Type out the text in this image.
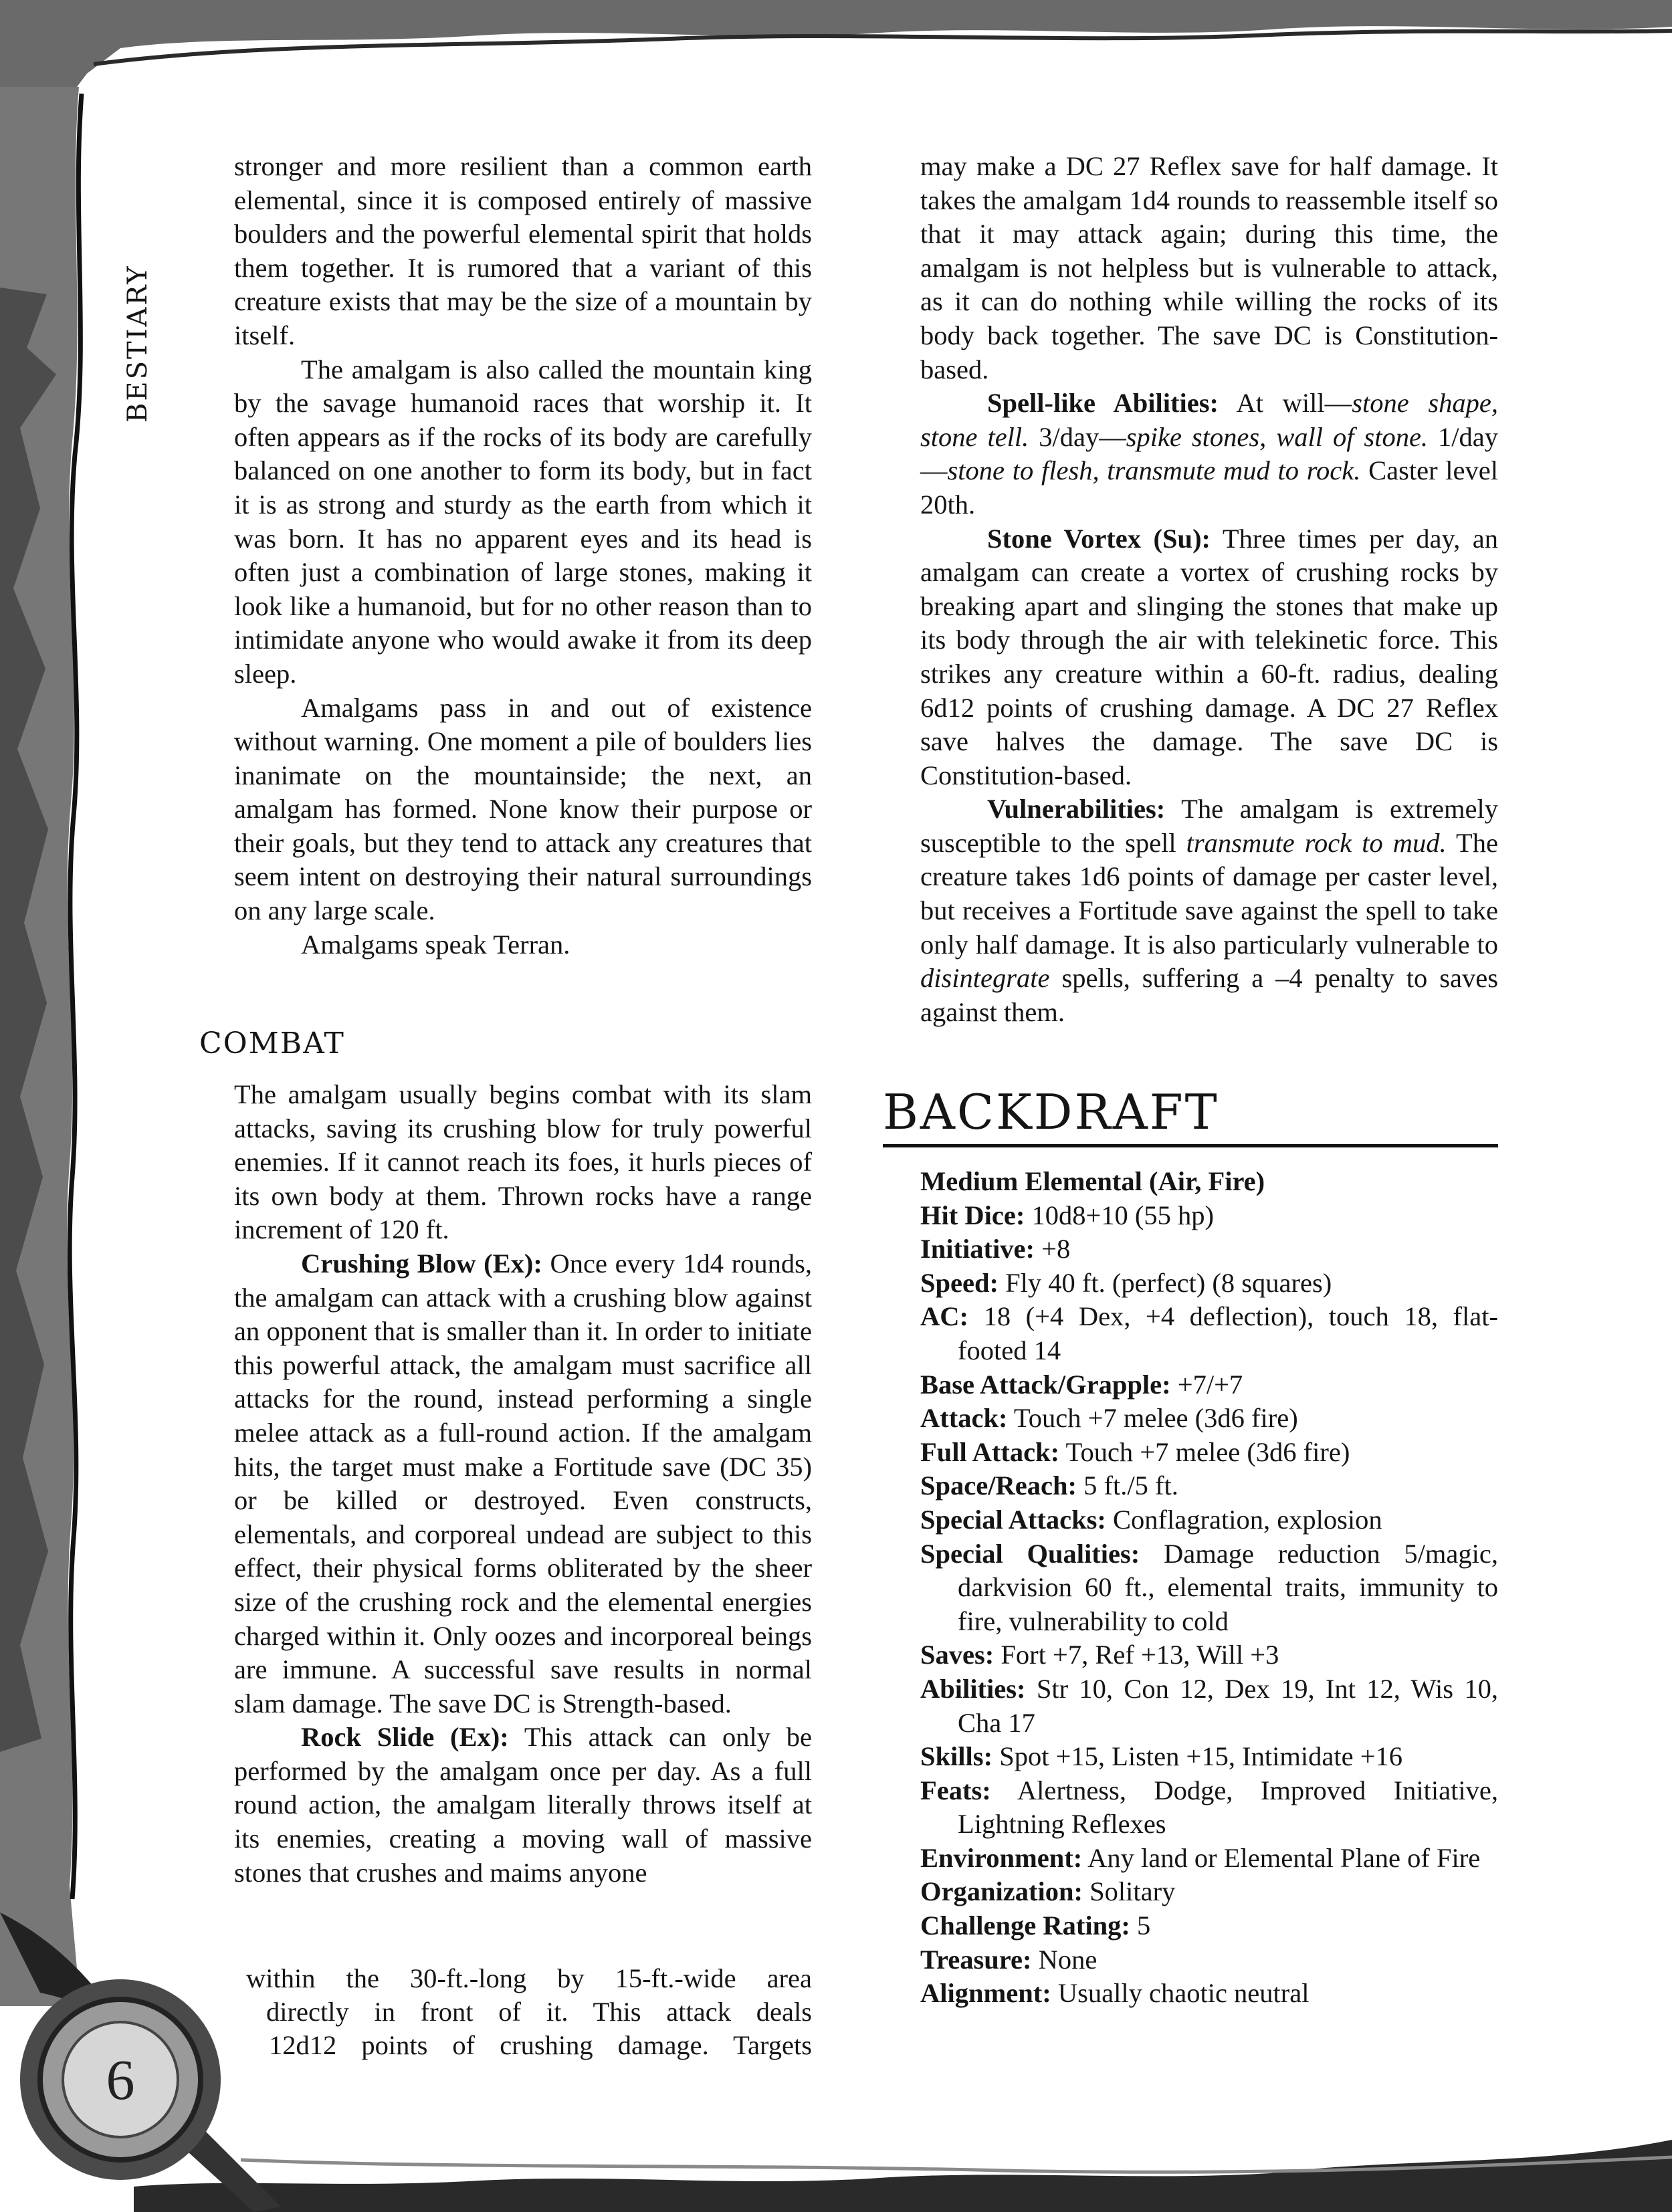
BESTIARY
6

stronger and more resilient than a common earth elemental, since it is composed entirely of massive boulders and the powerful elemental spirit that holds them together. It is rumored that a variant of this creature exists that may be the size of a mountain by itself.

The amalgam is also called the mountain king by the savage humanoid races that worship it. It often appears as if the rocks of its body are carefully balanced on one another to form its body, but in fact it is as strong and sturdy as the earth from which it was born. It has no apparent eyes and its head is often just a combination of large stones, making it look like a humanoid, but for no other reason than to intimidate anyone who would awake it from its deep sleep.

Amalgams pass in and out of existence without warning. One moment a pile of boulders lies inanimate on the mountainside; the next, an amalgam has formed. None know their purpose or their goals, but they tend to attack any creatures that seem intent on destroying their natural surroundings on any large scale.

Amalgams speak Terran.

COMBAT

The amalgam usually begins combat with its slam attacks, saving its crushing blow for truly powerful enemies. If it cannot reach its foes, it hurls pieces of its own body at them. Thrown rocks have a range increment of 120 ft.

Crushing Blow (Ex): Once every 1d4 rounds, the amalgam can attack with a crushing blow against an opponent that is smaller than it. In order to initiate this powerful attack, the amalgam must sacrifice all attacks for the round, instead performing a single melee attack as a full-round action. If the amalgam hits, the target must make a Fortitude save (DC 35) or be killed or destroyed. Even constructs, elementals, and corporeal undead are subject to this effect, their physical forms obliterated by the sheer size of the crushing rock and the elemental energies charged within it. Only oozes and incorporeal beings are immune. A successful save results in normal slam damage. The save DC is Strength-based.

Rock Slide (Ex): This attack can only be performed by the amalgam once per day. As a full round action, the amalgam literally throws itself at its enemies, creating a moving wall of massive stones that crushes and maims anyone

within the 30-ft.-long by 15-ft.-wide area

directly in front of it. This attack deals

12d12 points of crushing damage. Targets

may make a DC 27 Reflex save for half damage. It takes the amalgam 1d4 rounds to reassemble itself so that it may attack again; during this time, the amalgam is not helpless but is vulnerable to attack, as it can do nothing while willing the rocks of its body back together. The save DC is Constitution-based.

Spell-like Abilities: At will—stone shape, stone tell. 3/day—spike stones, wall of stone. 1/day—stone to flesh, transmute mud to rock. Caster level 20th.

Stone Vortex (Su): Three times per day, an amalgam can create a vortex of crushing rocks by breaking apart and slinging the stones that make up its body through the air with telekinetic force. This strikes any creature within a 60-ft. radius, dealing 6d12 points of crushing damage. A DC 27 Reflex save halves the damage. The save DC is Constitution-based.

Vulnerabilities: The amalgam is extremely susceptible to the spell transmute rock to mud. The creature takes 1d6 points of damage per caster level, but receives a Fortitude save against the spell to take only half damage. It is also particularly vulnerable to disintegrate spells, suffering a –4 penalty to saves against them.

BACKDRAFT

Medium Elemental (Air, Fire)

Hit Dice: 10d8+10 (55 hp)

Initiative: +8

Speed: Fly 40 ft. (perfect) (8 squares)

AC: 18 (+4 Dex, +4 deflection), touch 18, flat-footed 14

Base Attack/Grapple: +7/+7

Attack: Touch +7 melee (3d6 fire)

Full Attack: Touch +7 melee (3d6 fire)

Space/Reach: 5 ft./5 ft.

Special Attacks: Conflagration, explosion

Special Qualities: Damage reduction 5/magic, darkvision 60 ft., elemental traits, immunity to fire, vulnerability to cold

Saves: Fort +7, Ref +13, Will +3

Abilities: Str 10, Con 12, Dex 19, Int 12, Wis 10, Cha 17

Skills: Spot +15, Listen +15, Intimidate +16

Feats: Alertness, Dodge, Improved Initiative, Lightning Reflexes

Environment: Any land or Elemental Plane of Fire

Organization: Solitary

Challenge Rating: 5

Treasure: None

Alignment: Usually chaotic neutral
